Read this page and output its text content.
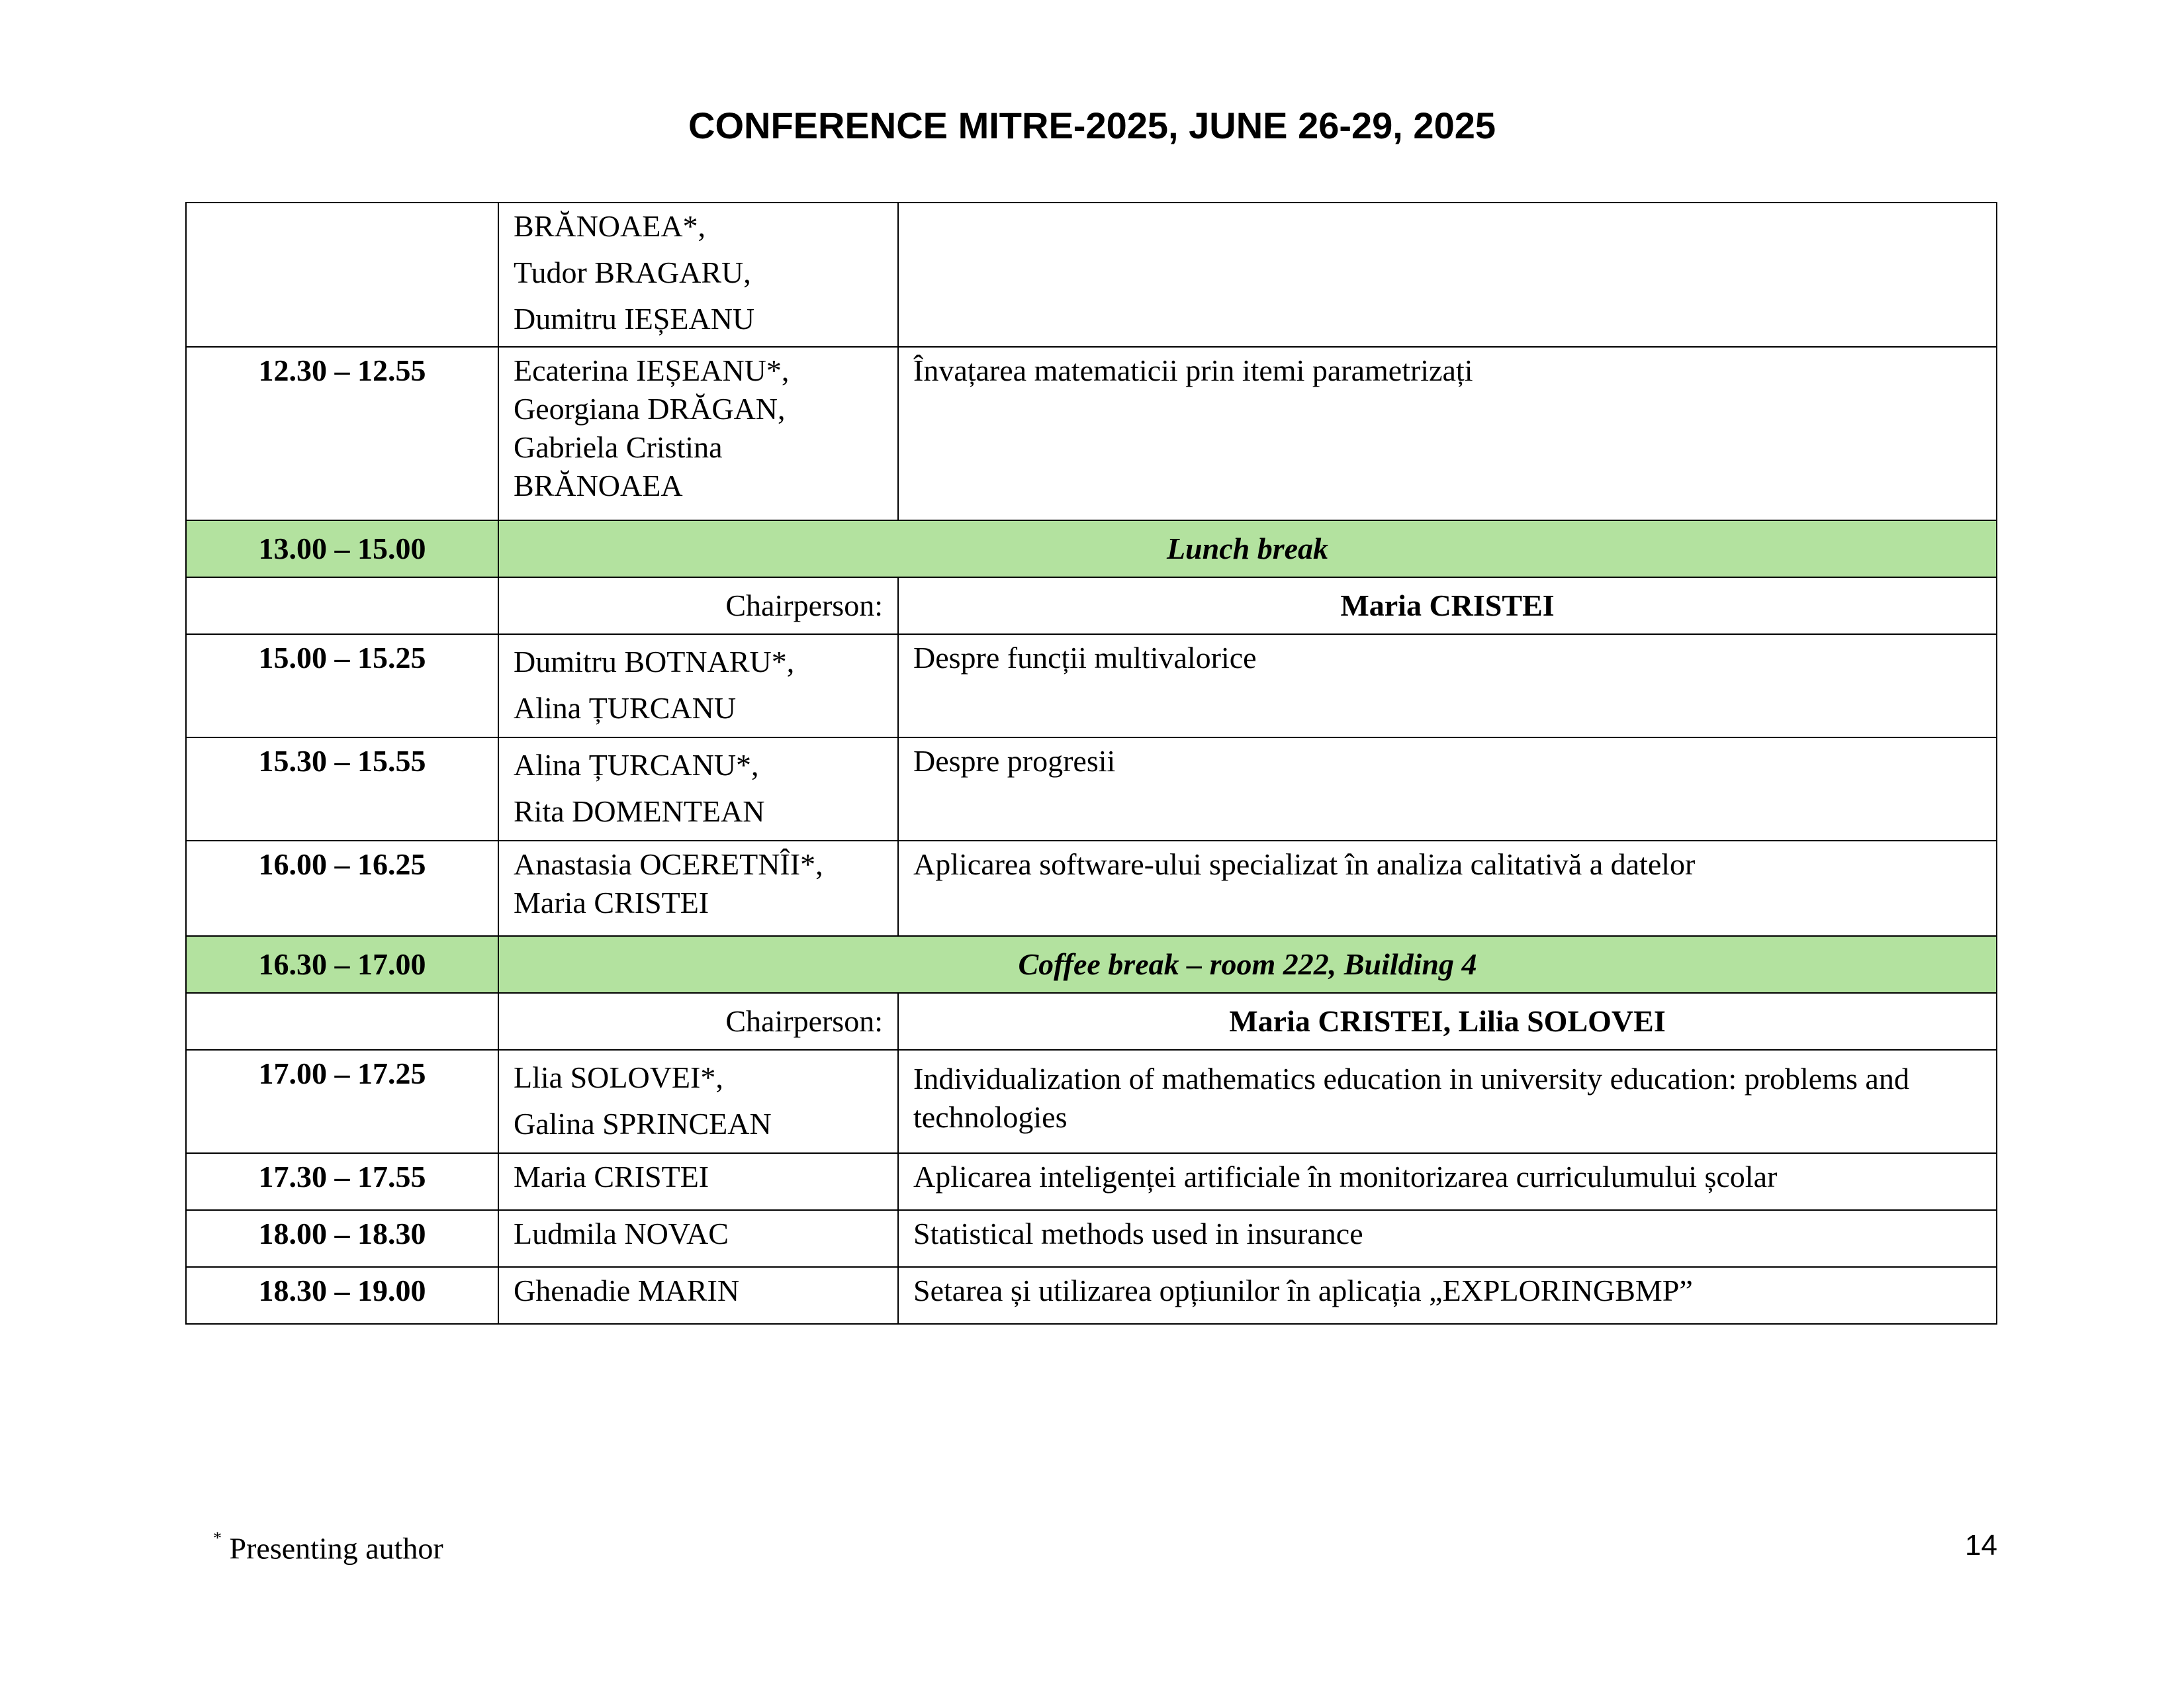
CONFERENCE MITRE-2025, JUNE 26-29, 2025

	BRĂNOAEA*,
Tudor BRAGARU,
Dumitru IEȘEANU	

12.30 – 12.55	Ecaterina IEȘEANU*,
Georgiana DRĂGAN,
Gabriela Cristina
BRĂNOAEA	Învațarea matematicii prin itemi parametrizați
13.00 – 15.00	Lunch break	
	Chairperson:	Maria CRISTEI
15.00 – 15.25	Dumitru BOTNARU*,
Alina ȚURCANU	Despre funcții multivalorice
15.30 – 15.55	Alina ȚURCANU*,
Rita DOMENTEAN	Despre progresii
16.00 – 16.25	Anastasia OCERETNÎI*,
Maria CRISTEI	Aplicarea software-ului specializat în analiza calitativă a datelor
16.30 – 17.00	Coffee break – room 222, Building 4	
	Chairperson:	Maria CRISTEI, Lilia SOLOVEI
17.00 – 17.25	Llia SOLOVEI*,
Galina SPRINCEAN	Individualization of mathematics education in university education: problems and technologies
17.30 – 17.55	Maria CRISTEI	Aplicarea inteligenței artificiale în monitorizarea curriculumului școlar
18.00 – 18.30	Ludmila NOVAC	Statistical methods used in insurance
18.30 – 19.00	Ghenadie MARIN	Setarea și utilizarea opțiunilor în aplicația „EXPLORINGBMP”
* Presenting author	14
